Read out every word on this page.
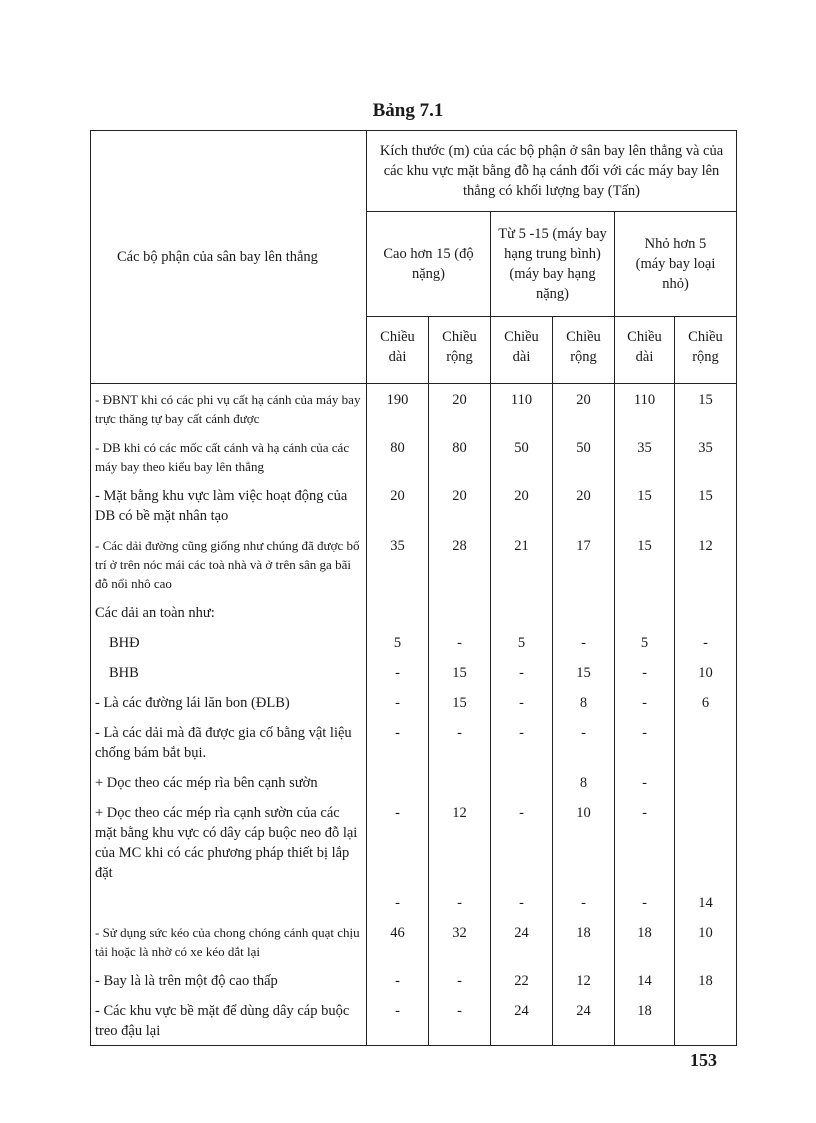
Bảng 7.1
Các bộ phận của sân bay lên thẳng	Kích thước (m) của các bộ phận ở sân bay lên thẳng và của các khu vực mặt bằng đỗ hạ cánh đối với các máy bay lên thẳng có khối lượng bay (Tấn)					
	Cao hơn 15 (độ nặng)		Từ 5 -15 (máy bay hạng trung bình) (máy bay hạng nặng)		Nhỏ hơn 5 (máy bay loại nhỏ)	
	Chiều dài	Chiều rộng	Chiều dài	Chiều rộng	Chiều dài	Chiều rộng
- ĐBNT khi có các phi vụ cất hạ cánh của máy bay trực thăng tự bay cất cánh được	190	20	110	20	110	15
- DB khi có các mốc cất cánh và hạ cánh của các máy bay theo kiểu bay lên thẳng	80	80	50	50	35	35
- Mặt bằng khu vực làm việc hoạt động của DB có bề mặt nhân tạo	20	20	20	20	15	15
- Các dải đường cũng giống như chúng đã được bố trí ở trên nóc mái các toà nhà và ở trên sân ga bãi đỗ nổi nhô cao	35	28	21	17	15	12
Các dải an toàn như:						
BHĐ	5	-	5	-	5	-
BHB	-	15	-	15	-	10
- Là các đường lái lăn bon (ĐLB)	-	15	-	8	-	6
- Là các dải mà đã được gia cố bằng vật liệu chống bám bắt bụi.	-	-	-	-	-	
+ Dọc theo các mép rìa bên cạnh sườn				8	-	
+ Dọc theo các mép rìa cạnh sườn của các mặt bằng khu vực có dây cáp buộc neo đỗ lại của MC khi có các phương pháp thiết bị lắp đặt	-	12	-	10	-	
	-	-	-	-	-	14
- Sử dụng sức kéo của chong chóng cánh quạt chịu tải hoặc là nhờ có xe kéo dắt lại	46	32	24	18	18	10
- Bay là là trên một độ cao thấp	-	-	22	12	14	18
- Các khu vực bề mặt để dùng dây cáp buộc treo đậu lại	-	-	24	24	18	
153
